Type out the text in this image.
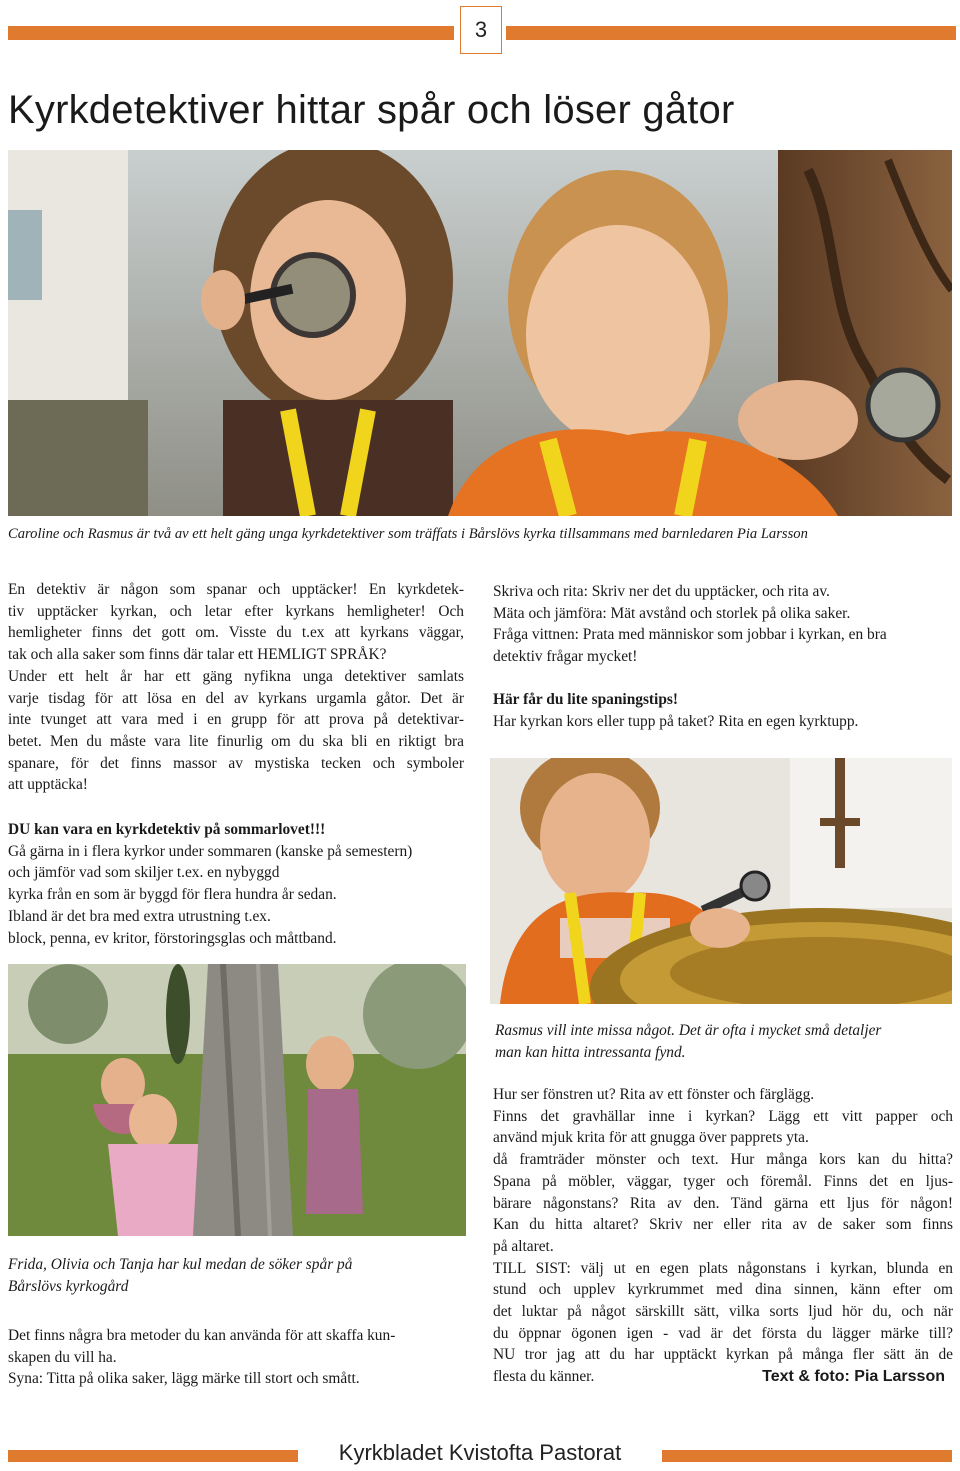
3
Kyrkdetektiver hittar spår och löser gåtor
Caroline och Rasmus är två av ett helt gäng unga kyrkdetektiver som träffats i Bårslövs kyrka tillsammans med barnledaren Pia Larsson
En detektiv är någon som spanar och upptäcker! En kyrkdetek-
tiv upptäcker kyrkan, och letar efter kyrkans hemligheter! Och
hemligheter finns det gott om. Visste du t.ex att kyrkans väggar,
tak och alla saker som finns där talar ett HEMLIGT SPRÅK?
Under ett helt år har ett gäng nyfikna unga detektiver samlats
varje tisdag för att lösa en del av kyrkans urgamla gåtor. Det är
inte tvunget att vara med i en grupp för att prova på detektivar-
betet. Men du måste vara lite finurlig om du ska bli en riktigt bra
spanare, för det finns massor av mystiska tecken och symboler
att upptäcka!
DU kan vara en kyrkdetektiv på sommarlovet!!!
Gå gärna in i flera kyrkor under sommaren (kanske på semestern)
och jämför vad som skiljer t.ex. en nybyggd
kyrka från en som är byggd för flera hundra år sedan.
Ibland är det bra med extra utrustning t.ex.
block, penna, ev kritor, förstoringsglas och måttband.
Skriva och rita: Skriv ner det du upptäcker, och rita av.
Mäta och jämföra: Mät avstånd och storlek på olika saker.
Fråga vittnen: Prata med människor som jobbar i kyrkan, en bra
detektiv frågar mycket!
Här får du lite spaningstips!
Har kyrkan kors eller tupp på taket? Rita en egen kyrktupp.
Rasmus vill inte missa något. Det är ofta i mycket små detaljer
man kan hitta intressanta fynd.
Frida, Olivia och Tanja har kul medan de söker spår på
Bårslövs kyrkogård
Det finns några bra metoder du kan använda för att skaffa kun-
skapen du vill ha.
Syna: Titta på olika saker, lägg märke till stort och smått.
Hur ser fönstren ut? Rita av ett fönster och färglägg.
Finns det gravhällar inne i kyrkan? Lägg ett vitt papper och
använd mjuk krita för att gnugga över papprets yta.
då framträder mönster och text. Hur många kors kan du hitta?
Spana på möbler, väggar, tyger och föremål. Finns det en ljus-
bärare någonstans? Rita av den. Tänd gärna ett ljus för någon!
Kan du hitta altaret? Skriv ner eller rita av de saker som finns
på altaret.
TILL SIST: välj ut en egen plats någonstans i kyrkan, blunda en
stund och upplev kyrkrummet med dina sinnen, känn efter om
det luktar på något särskillt sätt, vilka sorts ljud hör du, och när
du öppnar ögonen igen - vad är det första du lägger märke till?
NU tror jag att du har upptäckt kyrkan på många fler sätt än de
flesta du känner.	Text & foto: Pia Larsson
Kyrkbladet Kvistofta Pastorat
